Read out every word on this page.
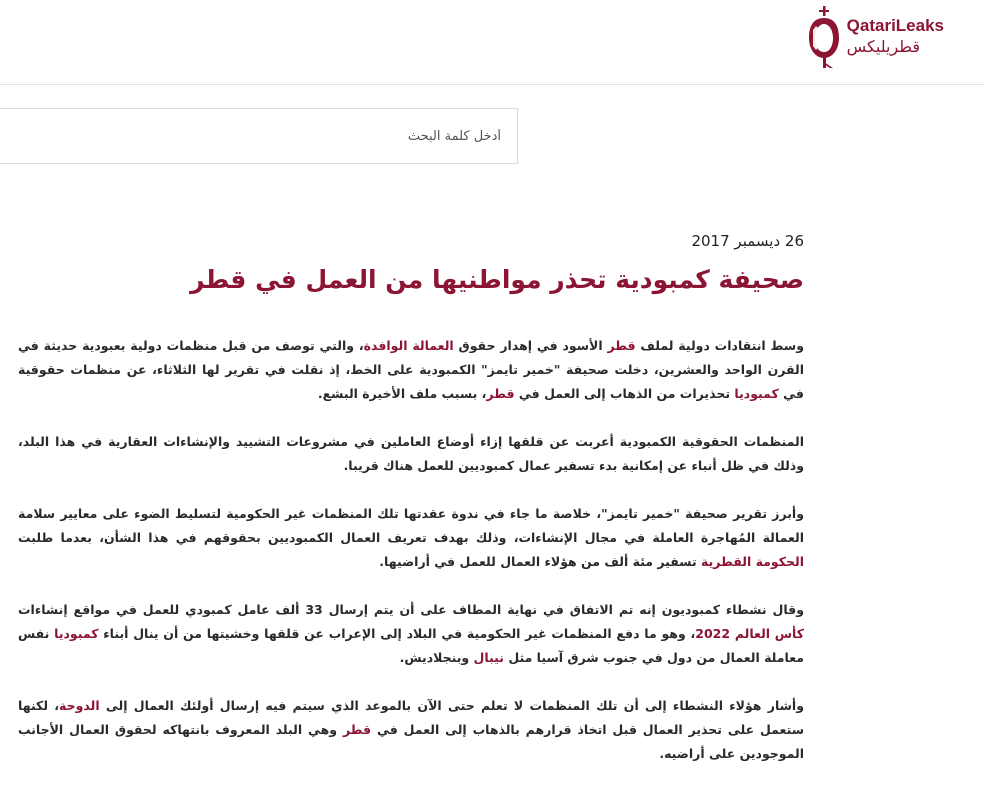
QatariLeaks
قطريليكس
أدخل كلمة البحث
26 ديسمبر 2017
صحيفة كمبودية تحذر مواطنيها من العمل في قطر

وسط انتقادات دولية لملف قطر الأسود في إهدار حقوق العمالة الوافدة، والتي توصف من قبل منظمات دولية بعبودية حديثة في القرن الواحد والعشرين، دخلت صحيفة "خمير تايمز" الكمبودية على الخط، إذ نقلت في تقرير لها الثلاثاء، عن منظمات حقوقية في كمبوديا تحذيرات من الذهاب إلى العمل في قطر، بسبب ملف الأخيرة البشع.

المنظمات الحقوقية الكمبودية أعربت عن قلقها إزاء أوضاع العاملين في مشروعات التشييد والإنشاءات العقارية في هذا البلد، وذلك في ظل أنباء عن إمكانية بدء تسفير عمال كمبوديين للعمل هناك قريبا.

وأبرز تقرير صحيفة "خمير تايمز"، خلاصة ما جاء في ندوة عقدتها تلك المنظمات غير الحكومية لتسليط الضوء على معايير سلامة العمالة المُهاجرة العاملة في مجال الإنشاءات، وذلك بهدف تعريف العمال الكمبوديين بحقوقهم في هذا الشأن، بعدما طلبت الحكومة القطرية تسفير مئة ألف من هؤلاء العمال للعمل في أراضيها.

وقال نشطاء كمبوديون إنه تم الاتفاق في نهاية المطاف على أن يتم إرسال 33 ألف عامل كمبودي للعمل في مواقع إنشاءات كأس العالم 2022، وهو ما دفع المنظمات غير الحكومية في البلاد إلى الإعراب عن قلقها وخشيتها من أن ينال أبناء كمبوديا نفس معاملة العمال من دول في جنوب شرق آسيا مثل نيبال وبنجلاديش.

وأشار هؤلاء النشطاء إلى أن تلك المنظمات لا تعلم حتى الآن بالموعد الذي سيتم فيه إرسال أولئك العمال إلى الدوحة، لكنها ستعمل على تحذير العمال قبل اتخاذ قرارهم بالذهاب إلى العمل في قطر وهي البلد المعروف بانتهاكه لحقوق العمال الأجانب الموجودين على أراضيه.
